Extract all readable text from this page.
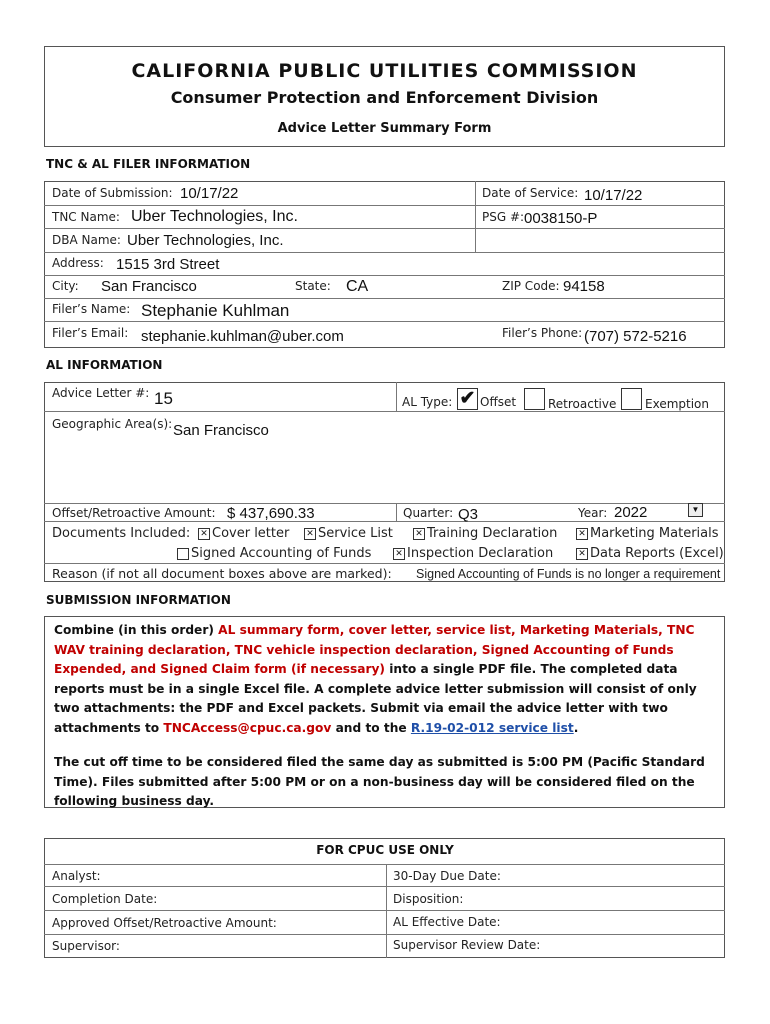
CALIFORNIA PUBLIC UTILITIES COMMISSION
Consumer Protection and Enforcement Division
Advice Letter Summary Form
TNC & AL FILER INFORMATION
Date of Submission: 10/17/22	Date of Service: 10/17/22
TNC Name: Uber Technologies, Inc.	PSG #: 0038150-P
DBA Name: Uber Technologies, Inc.
Address: 1515 3rd Street
City: San Francisco	State: CA	ZIP Code: 94158
Filer’s Name: Stephanie Kuhlman
Filer’s Email: stephanie.kuhlman@uber.com	Filer’s Phone: (707) 572-5216
AL INFORMATION
Advice Letter #: 15	AL Type: ✔ Offset	Retroactive Exemption
Geographic Area(s): San Francisco
Offset/Retroactive Amount: $ 437,690.33	Quarter: Q3	Year: 2022	▼
Documents Included: ✕ Cover letter ✕ Service List ✕ Training Declaration ✕ Marketing Materials
Signed Accounting of Funds	✕ Inspection Declaration	✕ Data Reports (Excel)
Reason (if not all document boxes above are marked): Signed Accounting of Funds is no longer a requirement
SUBMISSION INFORMATION
Combine (in this order) AL summary form, cover letter, service list, Marketing Materials, TNC WAV training declaration, TNC vehicle inspection declaration, Signed Accounting of Funds Expended, and Signed Claim form (if necessary) into a single PDF file. The completed data reports must be in a single Excel file. A complete advice letter submission will consist of only two attachments: the PDF and Excel packets. Submit via email the advice letter with two attachments to TNCAccess@cpuc.ca.gov and to the R.19-02-012 service list.
The cut off time to be considered filed the same day as submitted is 5:00 PM (Pacific Standard Time). Files submitted after 5:00 PM or on a non-business day will be considered filed on the following business day.
FOR CPUC USE ONLY
Analyst:	30-Day Due Date:
Completion Date:	Disposition:
Approved Offset/Retroactive Amount:	AL Effective Date:
Supervisor:	Supervisor Review Date:
